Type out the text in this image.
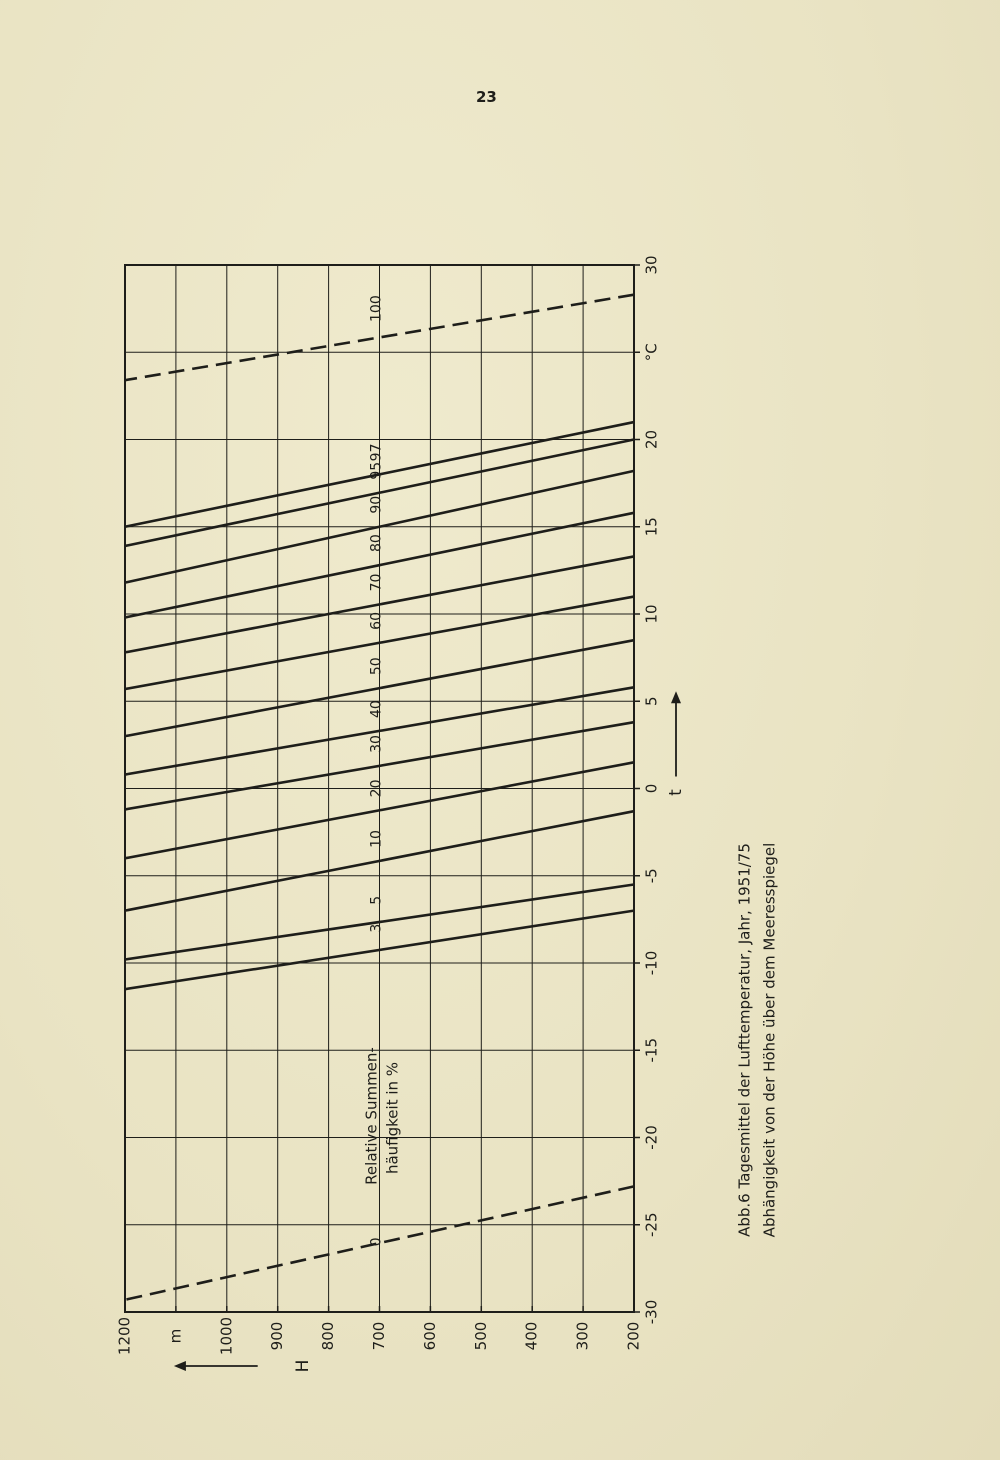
23
0
3
5
10
20
30
40
50
60
70
80
90
95
97
100
-30
-25
-20
-15
-10
-5
0
5
10
15
20
30
°C
t
200
300
400
500
600
700
800
900
1000
1200 m
H
Relative Summen- häufigkeit in %	Abb.6 Tagesmittel der Lufttemperatur, Jahr, 1951/75 Abhängigkeit von der Höhe über dem Meeresspiegel
